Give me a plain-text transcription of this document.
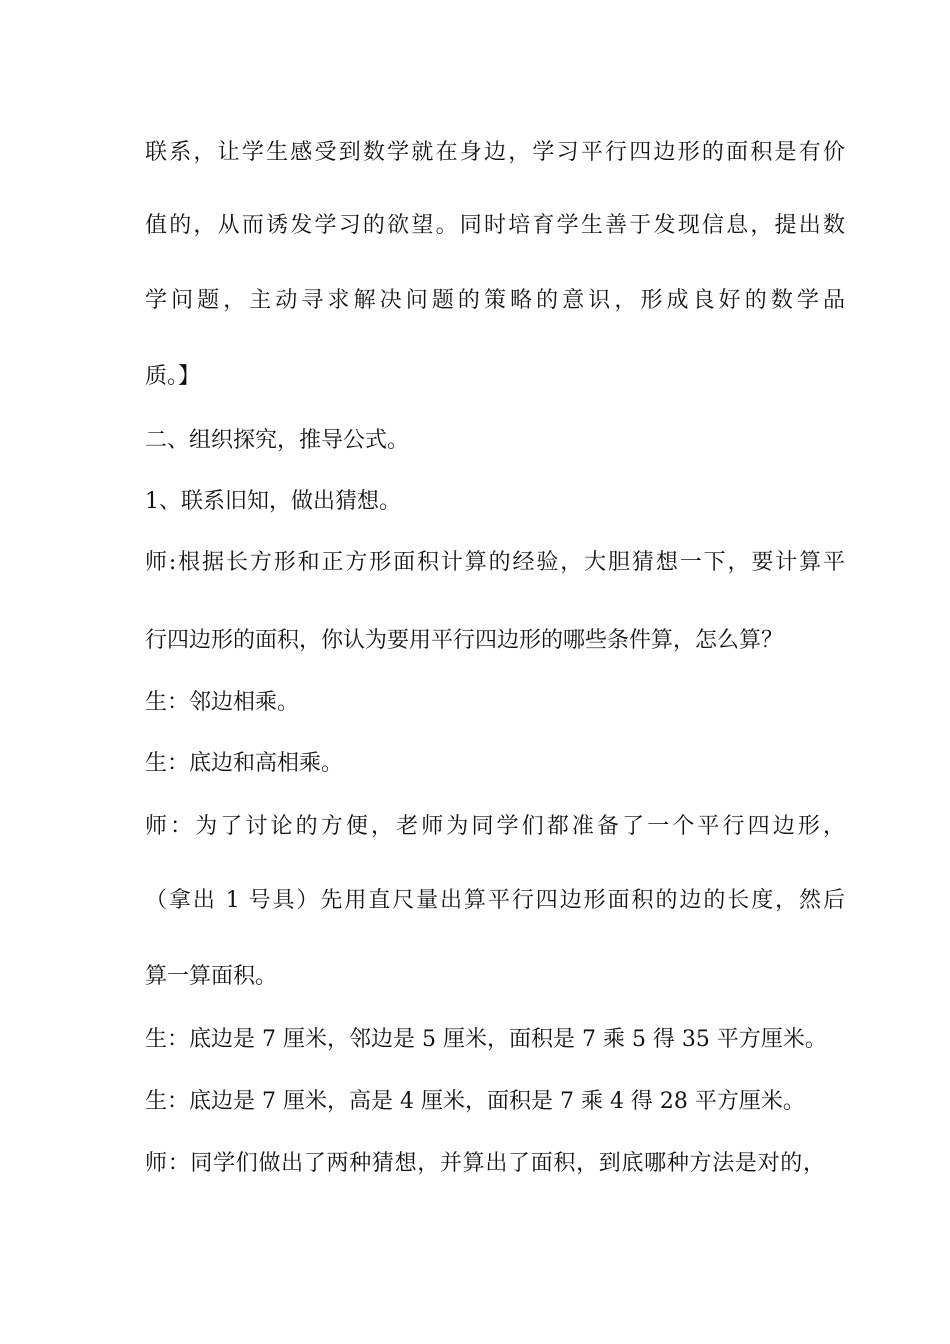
联系，让学生感受到数学就在身边，学习平行四边形的面积是有价
值的，从而诱发学习的欲望。同时培育学生善于发现信息，提出数
学问题，主动寻求解决问题的策略的意识，形成良好的数学品
质。】
二、组织探究，推导公式。
1、联系旧知，做出猜想。
师:根据长方形和正方形面积计算的经验，大胆猜想一下，要计算平
行四边形的面积，你认为要用平行四边形的哪些条件算，怎么算？
生：邻边相乘。
生：底边和高相乘。
师：为了讨论的方便，老师为同学们都准备了一个平行四边形，
（拿出 1 号具）先用直尺量出算平行四边形面积的边的长度，然后
算一算面积。
生：底边是 7 厘米，邻边是 5 厘米，面积是 7 乘 5 得 35 平方厘米。
生：底边是 7 厘米，高是 4 厘米，面积是 7 乘 4 得 28 平方厘米。
师：同学们做出了两种猜想，并算出了面积，到底哪种方法是对的，
